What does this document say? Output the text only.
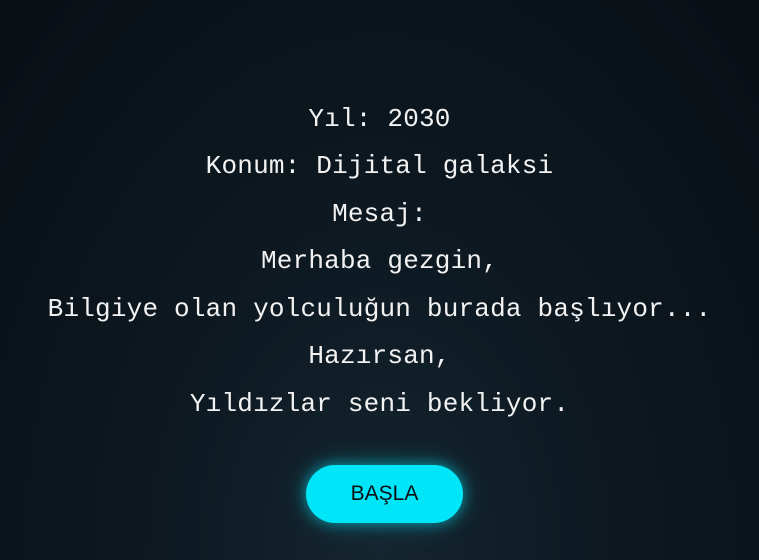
Yıl: 2030
Konum: Dijital galaksi
Mesaj:
Merhaba gezgin,
Bilgiye olan yolculuğun burada başlıyor...
Hazırsan,
Yıldızlar seni bekliyor.
BAŞLA
